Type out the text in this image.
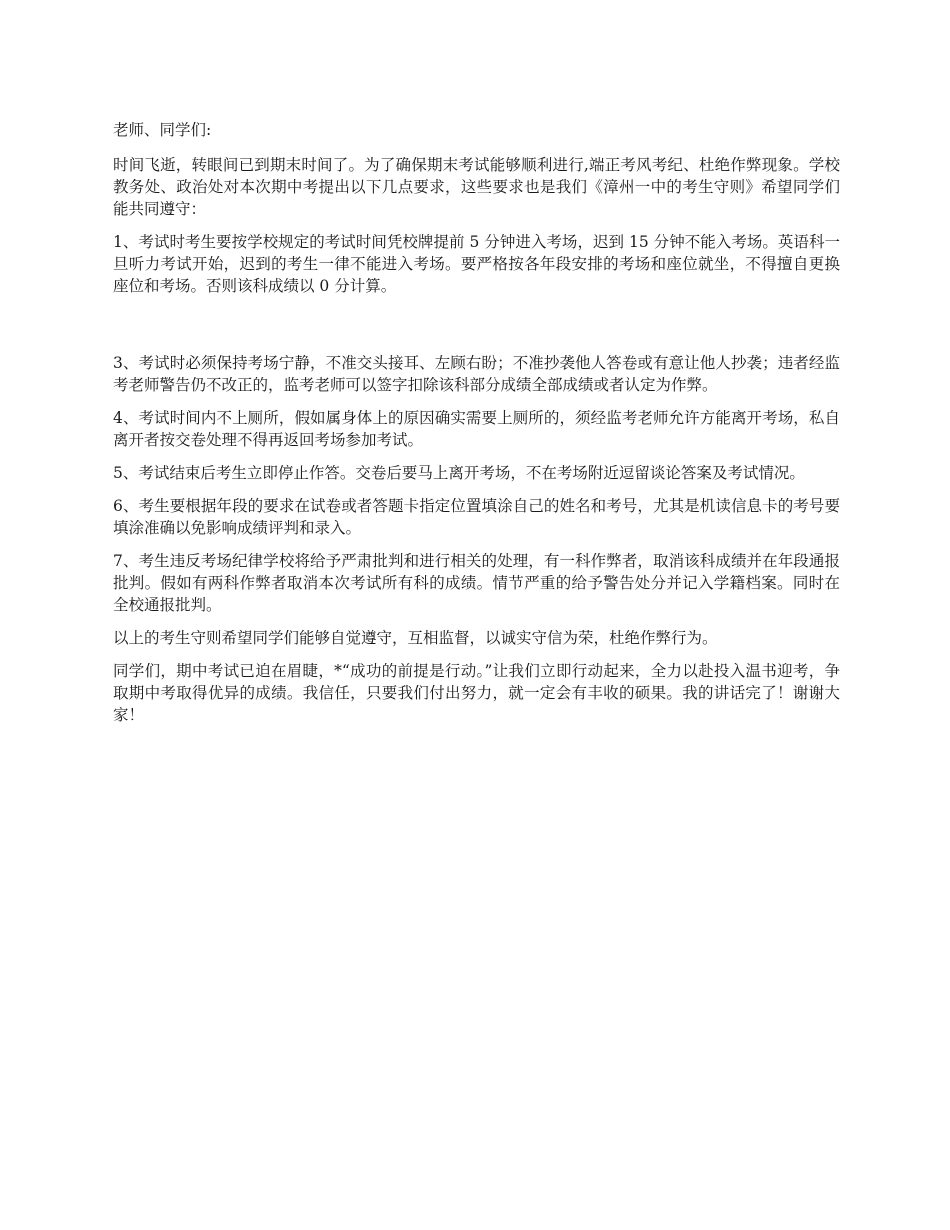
老师、同学们:

时间飞逝，转眼间已到期末时间了。为了确保期末考试能够顺利进行,端正考风考纪、杜绝作弊现象。学校教务处、政治处对本次期中考提出以下几点要求，这些要求也是我们《漳州一中的考生守则》希望同学们能共同遵守：

1、考试时考生要按学校规定的考试时间凭校牌提前 5 分钟进入考场，迟到 15 分钟不能入考场。英语科一旦听力考试开始，迟到的考生一律不能进入考场。要严格按各年段安排的考场和座位就坐，不得擅自更换座位和考场。否则该科成绩以 0 分计算。

3、考试时必须保持考场宁静，不准交头接耳、左顾右盼；不准抄袭他人答卷或有意让他人抄袭；违者经监考老师警告仍不改正的，监考老师可以签字扣除该科部分成绩全部成绩或者认定为作弊。

4、考试时间内不上厕所，假如属身体上的原因确实需要上厕所的，须经监考老师允许方能离开考场，私自离开者按交卷处理不得再返回考场参加考试。

5、考试结束后考生立即停止作答。交卷后要马上离开考场，不在考场附近逗留谈论答案及考试情况。

6、考生要根据年段的要求在试卷或者答题卡指定位置填涂自己的姓名和考号，尤其是机读信息卡的考号要填涂准确以免影响成绩评判和录入。

7、考生违反考场纪律学校将给予严肃批判和进行相关的处理，有一科作弊者，取消该科成绩并在年段通报批判。假如有两科作弊者取消本次考试所有科的成绩。情节严重的给予警告处分并记入学籍档案。同时在全校通报批判。

以上的考生守则希望同学们能够自觉遵守，互相监督，以诚实守信为荣，杜绝作弊行为。

同学们，期中考试已迫在眉睫，*“成功的前提是行动。”让我们立即行动起来，全力以赴投入温书迎考，争取期中考取得优异的成绩。我信任，只要我们付出努力，就一定会有丰收的硕果。我的讲话完了！谢谢大家！
